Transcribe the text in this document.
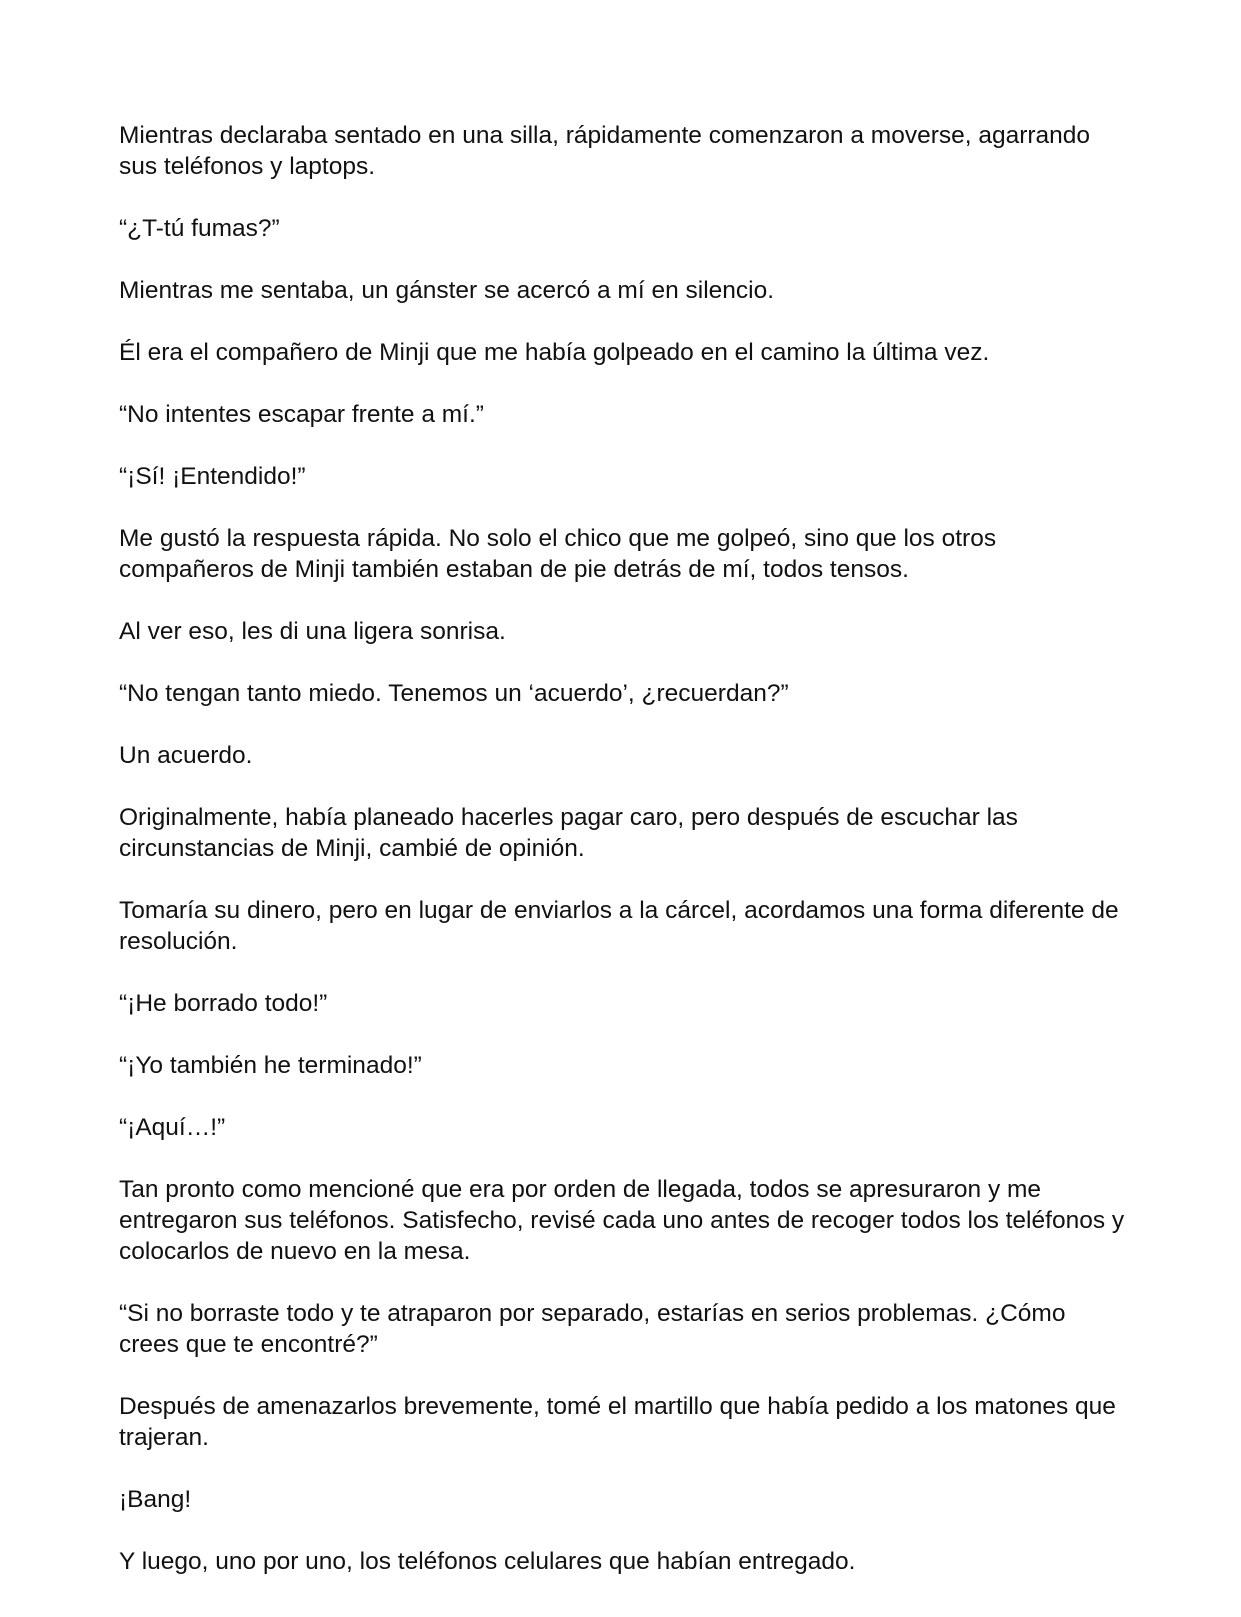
Mientras declaraba sentado en una silla, rápidamente comenzaron a moverse, agarrando sus teléfonos y laptops.

“¿T-tú fumas?”

Mientras me sentaba, un gánster se acercó a mí en silencio.

Él era el compañero de Minji que me había golpeado en el camino la última vez.

“No intentes escapar frente a mí.”

“¡Sí! ¡Entendido!”

Me gustó la respuesta rápida. No solo el chico que me golpeó, sino que los otros compañeros de Minji también estaban de pie detrás de mí, todos tensos.

Al ver eso, les di una ligera sonrisa.

“No tengan tanto miedo. Tenemos un ‘acuerdo’, ¿recuerdan?”

Un acuerdo.

Originalmente, había planeado hacerles pagar caro, pero después de escuchar las circunstancias de Minji, cambié de opinión.

Tomaría su dinero, pero en lugar de enviarlos a la cárcel, acordamos una forma diferente de resolución.

“¡He borrado todo!”

“¡Yo también he terminado!”

“¡Aquí…!”

Tan pronto como mencioné que era por orden de llegada, todos se apresuraron y me entregaron sus teléfonos. Satisfecho, revisé cada uno antes de recoger todos los teléfonos y colocarlos de nuevo en la mesa.

“Si no borraste todo y te atraparon por separado, estarías en serios problemas. ¿Cómo crees que te encontré?”

Después de amenazarlos brevemente, tomé el martillo que había pedido a los matones que trajeran.

¡Bang!

Y luego, uno por uno, los teléfonos celulares que habían entregado.
